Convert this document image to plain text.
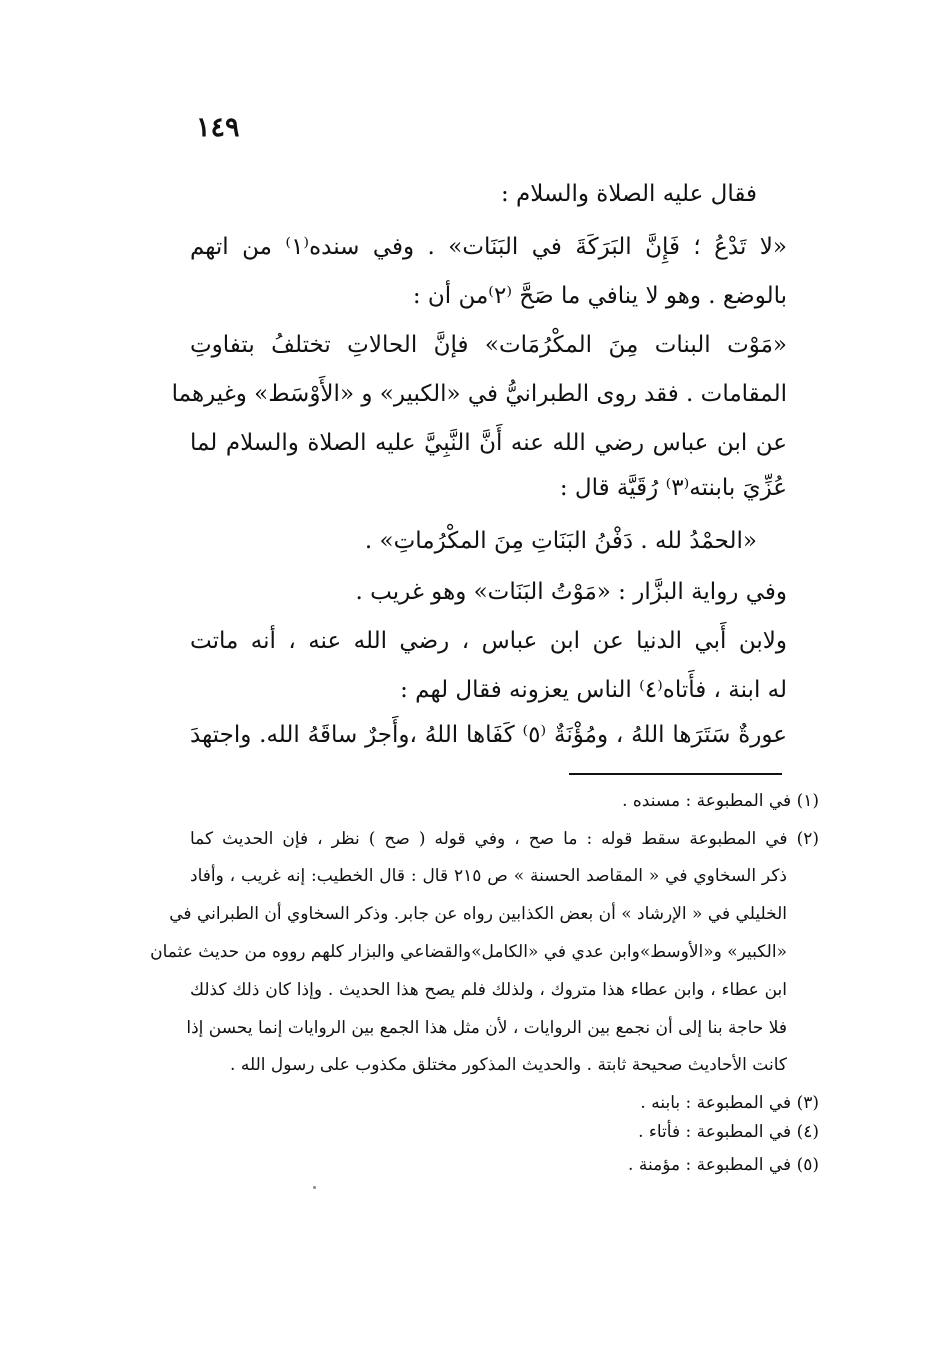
١٤٩
فقال عليه الصلاة والسلام :
«لا تَدْعُ ؛ فَإِنَّ البَرَكَةَ في البَنَات» . وفي سنده⁽١⁾ من اتهم
بالوضع . وهو لا ينافي ما صَحَّ ⁽٢⁾من أن :
«مَوْت البنات مِنَ المكْرُمَات» فإنَّ الحالاتِ تختلفُ بتفاوتِ
المقامات . فقد روى الطبرانيُّ في «الكبير» و «الأَوْسَط» وغيرهما
عن ابن عباس رضي الله عنه أَنَّ النَّبِيَّ عليه الصلاة والسلام لما
عُزِّيَ بابنته⁽٣⁾ رُقَيَّة قال :
«الحمْدُ لله . دَفْنُ البَنَاتِ مِنَ المكْرُماتِ» .
وفي رواية البزَّار : «مَوْتُ البَنَات» وهو غريب .
ولابن أَبي الدنيا عن ابن عباس ، رضي الله عنه ، أنه ماتت
له ابنة ، فأَتاه⁽٤⁾ الناس يعزونه فقال لهم :
عورةٌ سَتَرَها اللهُ ، ومُؤْنَةٌ ⁽٥⁾ كَفَاها اللهُ ،وأَجرٌ ساقَهُ الله. واجتهدَ
(١) في المطبوعة : مسنده .
(٢) في المطبوعة سقط قوله : ما صح ، وفي قوله ( صح ) نظر ، فإن الحديث كما
ذكر السخاوي في « المقاصد الحسنة » ص ٢١٥ قال : قال الخطيب: إنه غريب ، وأفاد
الخليلي في « الإرشاد » أن بعض الكذابين رواه عن جابر. وذكر السخاوي أن الطبراني في
«الكبير» و«الأوسط»وابن عدي في «الكامل»والقضاعي والبزار كلهم رووه من حديث عثمان
ابن عطاء ، وابن عطاء هذا متروك ، ولذلك فلم يصح هذا الحديث . وإذا كان ذلك كذلك
فلا حاجة بنا إلى أن نجمع بين الروايات ، لأن مثل هذا الجمع بين الروايات إنما يحسن إذا
كانت الأحاديث صحيحة ثابتة . والحديث المذكور مختلق مكذوب على رسول الله .
(٣) في المطبوعة : بابنه .
(٤) في المطبوعة : فأتاء .
(٥) في المطبوعة : مؤمنة .
